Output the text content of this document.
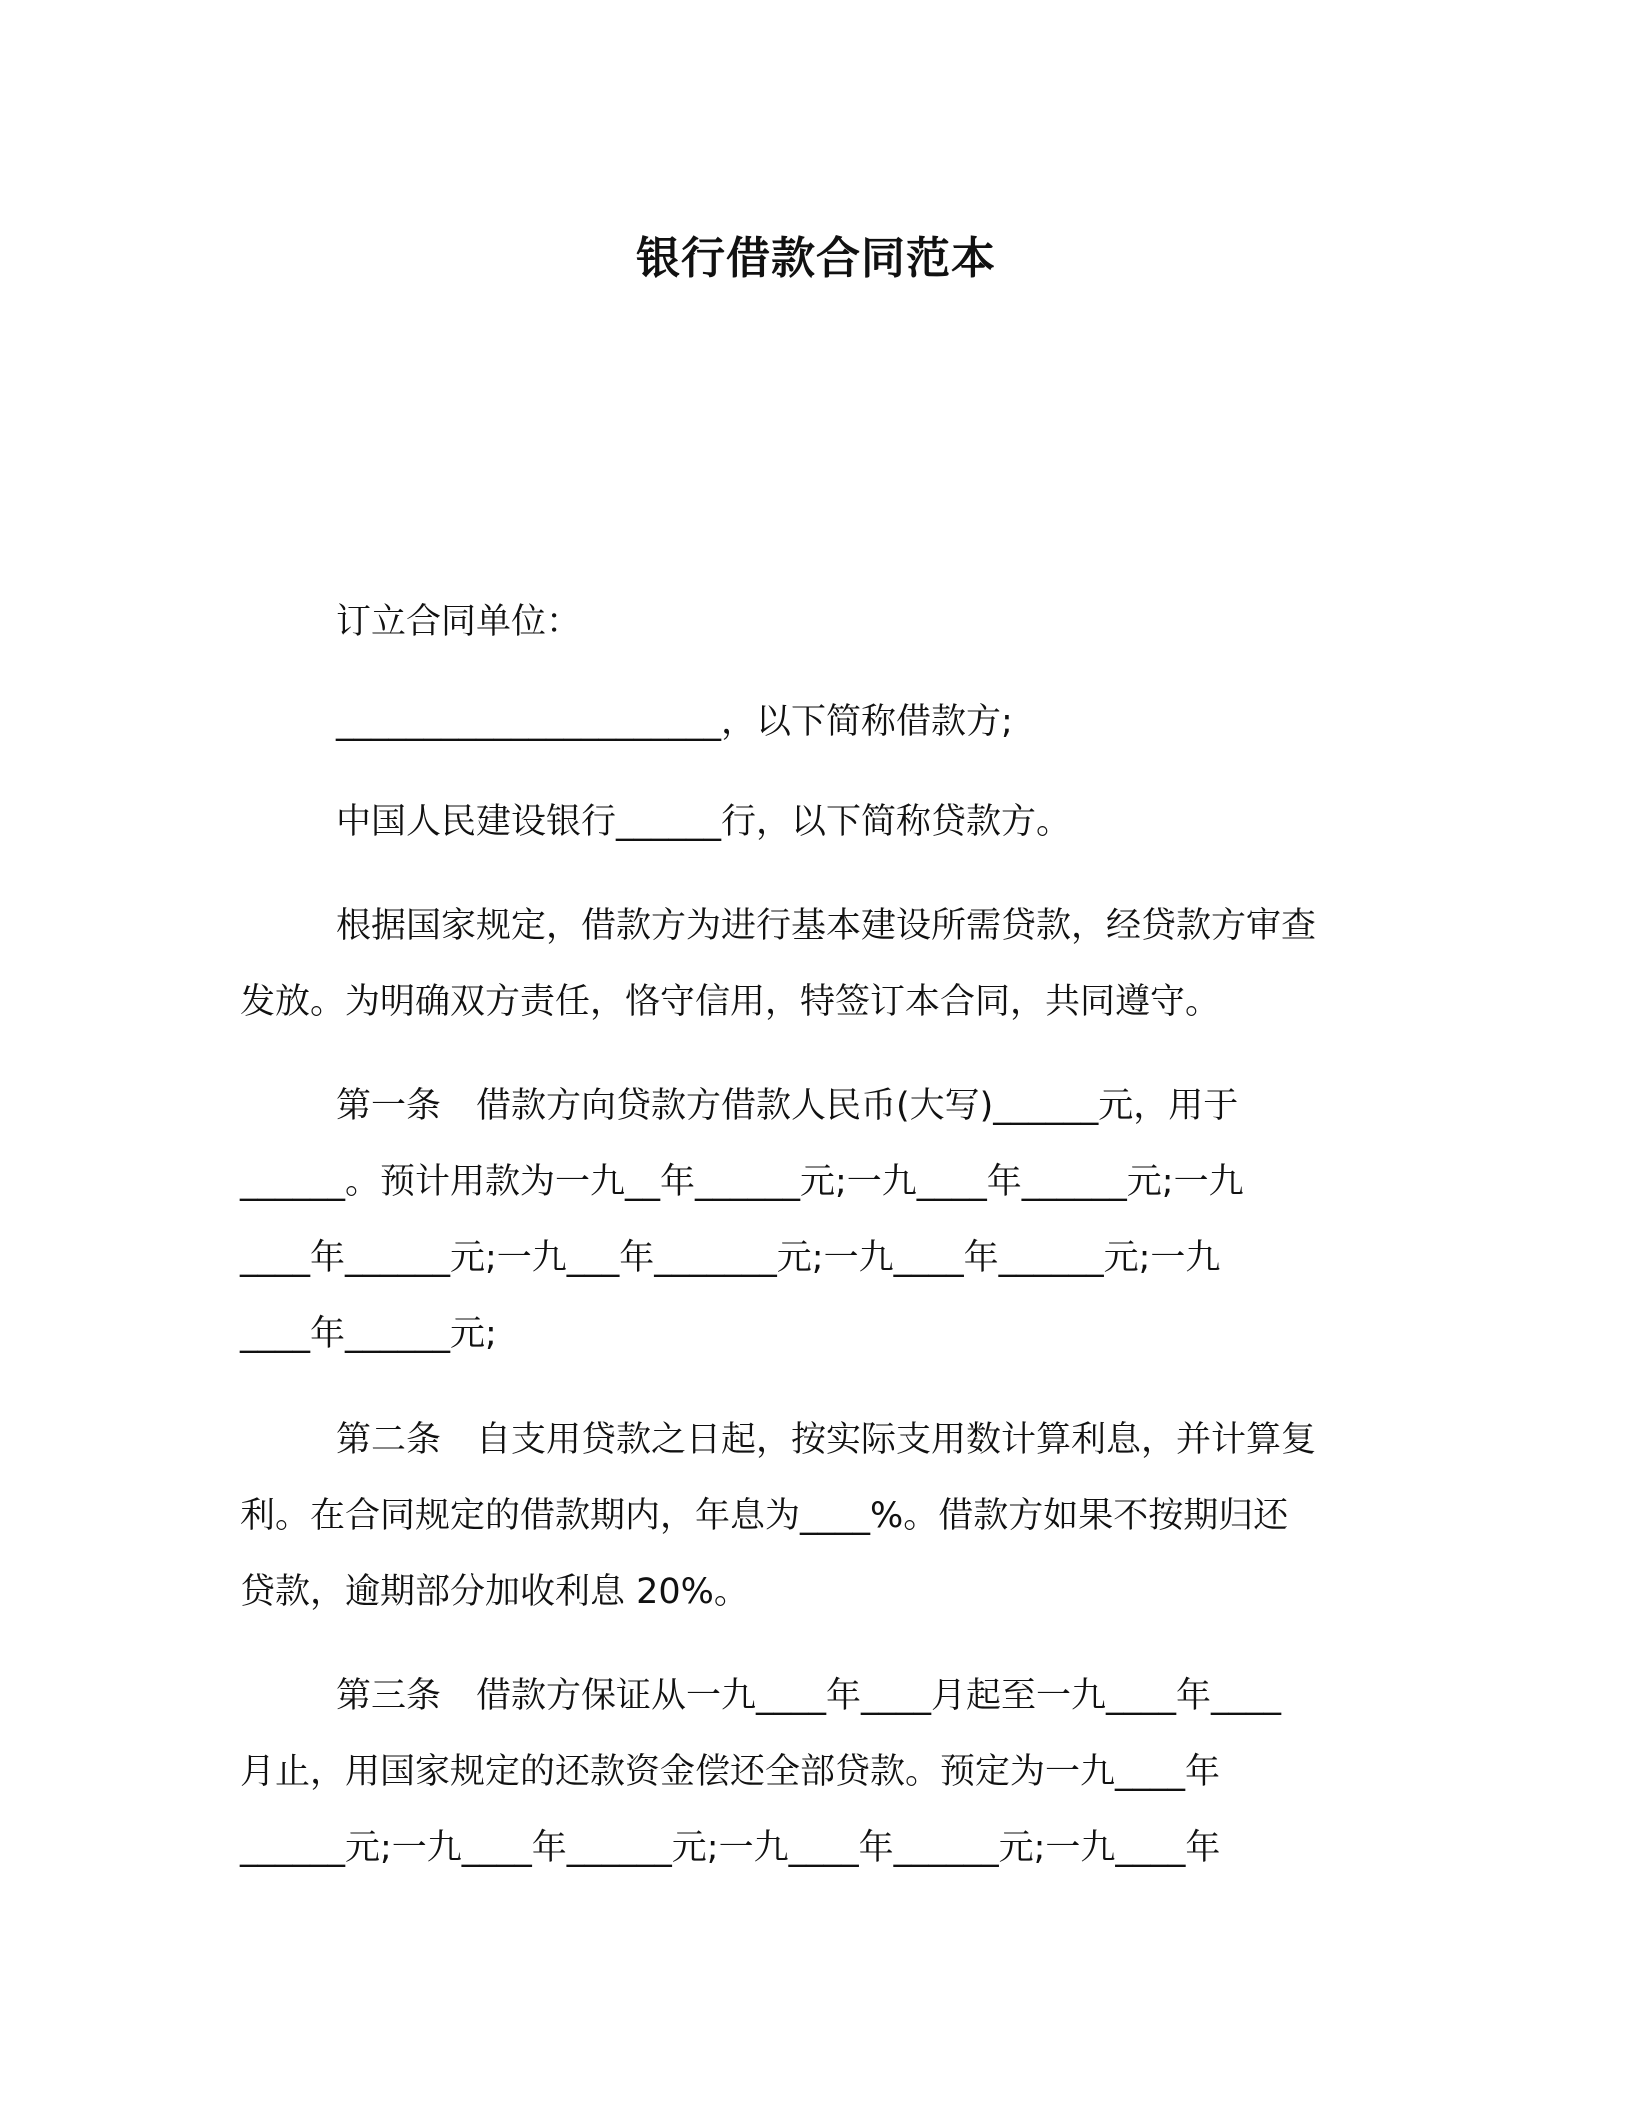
银行借款合同范本
订立合同单位：
______________________，以下简称借款方;
中国人民建设银行______行，以下简称贷款方。
根据国家规定，借款方为进行基本建设所需贷款，经贷款方审查
发放。为明确双方责任，恪守信用，特签订本合同，共同遵守。
第一条　借款方向贷款方借款人民币(大写)______元，用于
______。预计用款为一九__年______元;一九____年______元;一九
____年______元;一九___年_______元;一九____年______元;一九
____年______元;
第二条　自支用贷款之日起，按实际支用数计算利息，并计算复
利。在合同规定的借款期内，年息为____%。借款方如果不按期归还
贷款，逾期部分加收利息 20%。
第三条　借款方保证从一九____年____月起至一九____年____
月止，用国家规定的还款资金偿还全部贷款。预定为一九____年
______元;一九____年______元;一九____年______元;一九____年
